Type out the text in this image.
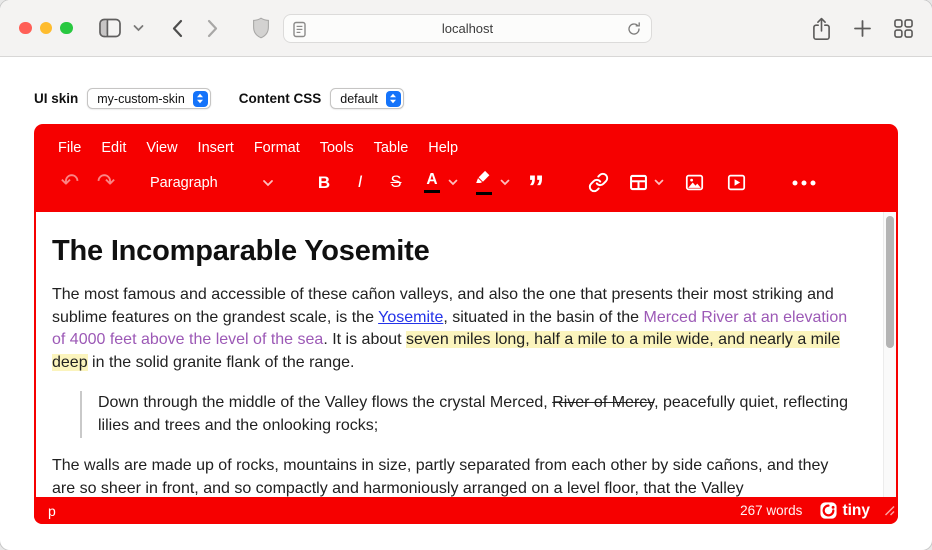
localhost
UI skin my-custom-skin	Content CSS default
File	Edit	View	Insert	Format	Tools	Table	Help
↶ ↷ Paragraph	B	I	S	A	”
The Incomparable Yosemite

The most famous and accessible of these cañon valleys, and also the one that presents their most striking and sublime features on the grandest scale, is the Yosemite, situated in the basin of the Merced River at an elevation of 4000 feet above the level of the sea. It is about seven miles long, half a mile to a mile wide, and nearly a mile deep in the solid granite flank of the range.

Down through the middle of the Valley flows the crystal Merced, River of Mercy, peacefully quiet, reflecting lilies and trees and the onlooking rocks;

The walls are made up of rocks, mountains in size, partly separated from each other by side cañons, and they are so sheer in front, and so compactly and harmoniously arranged on a level floor, that the Valley

p	267 words	tiny
